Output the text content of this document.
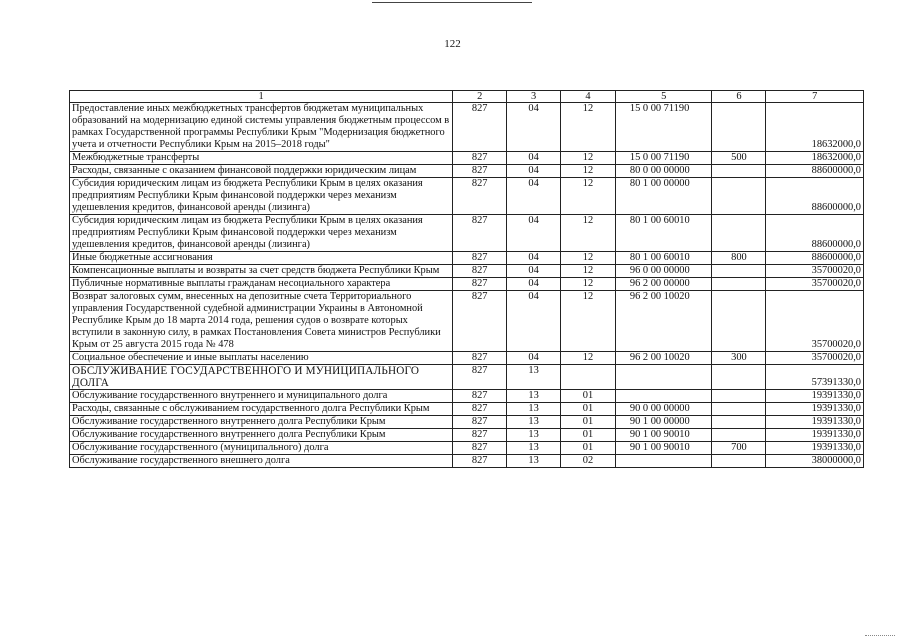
122
1	2	3	4	5	6	7
Предоставление иных межбюджетных трансфертов бюджетам муниципальных образований на модернизацию единой системы управления бюджетным процессом в рамках Государственной программы Республики Крым "Модернизация бюджетного учета и отчетности Республики Крым на 2015–2018 годы"	827	04	12	15 0 00 71190		18632000,0
Межбюджетные трансферты	827	04	12	15 0 00 71190	500	18632000,0
Расходы, связанные с оказанием финансовой поддержки юридическим лицам	827	04	12	80 0 00 00000		88600000,0
Субсидия юридическим лицам из бюджета Республики Крым в целях оказания предприятиям Республики Крым финансовой поддержки через механизм удешевления кредитов, финансовой аренды (лизинга)	827	04	12	80 1 00 00000		88600000,0
Субсидия юридическим лицам из бюджета Республики Крым в целях оказания предприятиям Республики Крым финансовой поддержки через механизм удешевления кредитов, финансовой аренды (лизинга)	827	04	12	80 1 00 60010		88600000,0
Иные бюджетные ассигнования	827	04	12	80 1 00 60010	800	88600000,0
Компенсационные выплаты и возвраты за счет средств бюджета Республики Крым	827	04	12	96 0 00 00000		35700020,0
Публичные нормативные выплаты гражданам несоциального характера	827	04	12	96 2 00 00000		35700020,0
Возврат залоговых сумм, внесенных на депозитные счета Территориального управления Государственной судебной администрации Украины в Автономной Республике Крым до 18 марта 2014 года, решения судов о возврате которых вступили в законную силу, в рамках Постановления Совета министров Республики Крым от 25 августа 2015 года № 478	827	04	12	96 2 00 10020		35700020,0
Социальное обеспечение и иные выплаты населению	827	04	12	96 2 00 10020	300	35700020,0
ОБСЛУЖИВАНИЕ ГОСУДАРСТВЕННОГО И МУНИЦИПАЛЬНОГО ДОЛГА	827	13				57391330,0
Обслуживание государственного внутреннего и муниципального долга	827	13	01			19391330,0
Расходы, связанные с обслуживанием государственного долга Республики Крым	827	13	01	90 0 00 00000		19391330,0
Обслуживание государственного внутреннего долга Республики Крым	827	13	01	90 1 00 00000		19391330,0
Обслуживание государственного внутреннего долга Республики Крым	827	13	01	90 1 00 90010		19391330,0
Обслуживание государственного (муниципального) долга	827	13	01	90 1 00 90010	700	19391330,0
Обслуживание государственного внешнего долга	827	13	02			38000000,0
